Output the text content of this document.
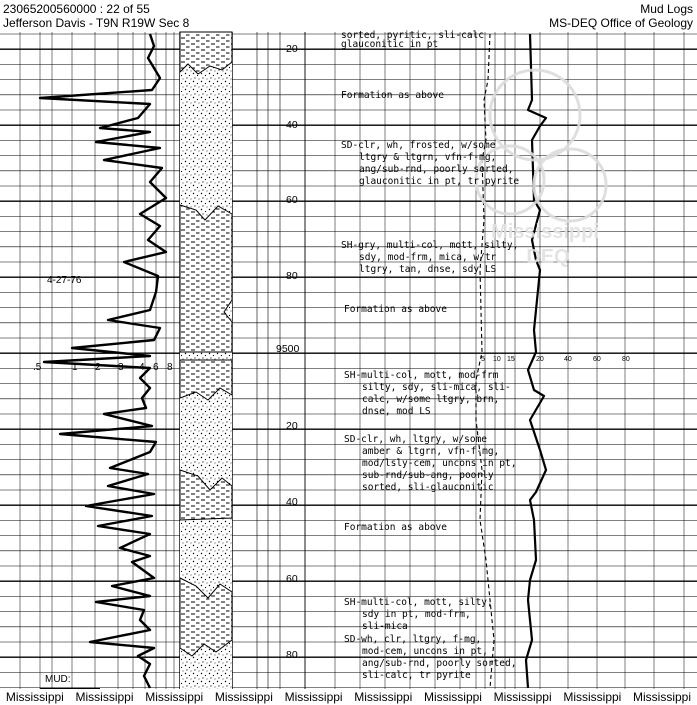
Mississippi
DEQ
4-27-76
MUD:
9500
20
40
60
80
20
40
60
80
.5	1 2 3 4 6 8
5 10 15	20	40	60	80
sorted, pyritic, sli-calc
glauconitic in pt
Formation as above
SD-clr, wh, frosted, w/some
ltgry & ltgrn, vfn-f-mg,
ang/sub-rnd, poorly sorted,
glauconitic in pt, tr pyrite
SH-gry, multi-col, mott, silty,
sdy, mod-frm, mica, w/tr
ltgry, tan, dnse, sdy LS
Formation as above
SH-multi-col, mott, mod-frm
silty, sdy, sli-mica, sli-
calc, w/some ltgry, brn,
dnse, mod LS
SD-clr, wh, ltgry, w/some
amber & ltgrn, vfn-f-mg,
mod/lsly-cem, uncons in pt,
sub-rnd/sub-ang, poorly
sorted, sli-glauconitic
Formation as above
SH-multi-col, mott, silty,
sdy in pt, mod-frm,
sli-mica
SD-wh, clr, ltgry, f-mg,
mod-cem, uncons in pt,
ang/sub-rnd, poorly sorted,
sli-calc, tr pyrite
23065200560000 : 22 of 55
Jefferson Davis - T9N R19W Sec 8
Mud Logs
MS-DEQ Office of Geology
Mississippi Mississippi Mississippi Mississippi Mississippi Mississippi Mississippi Mississippi Mississippi Mississippi
